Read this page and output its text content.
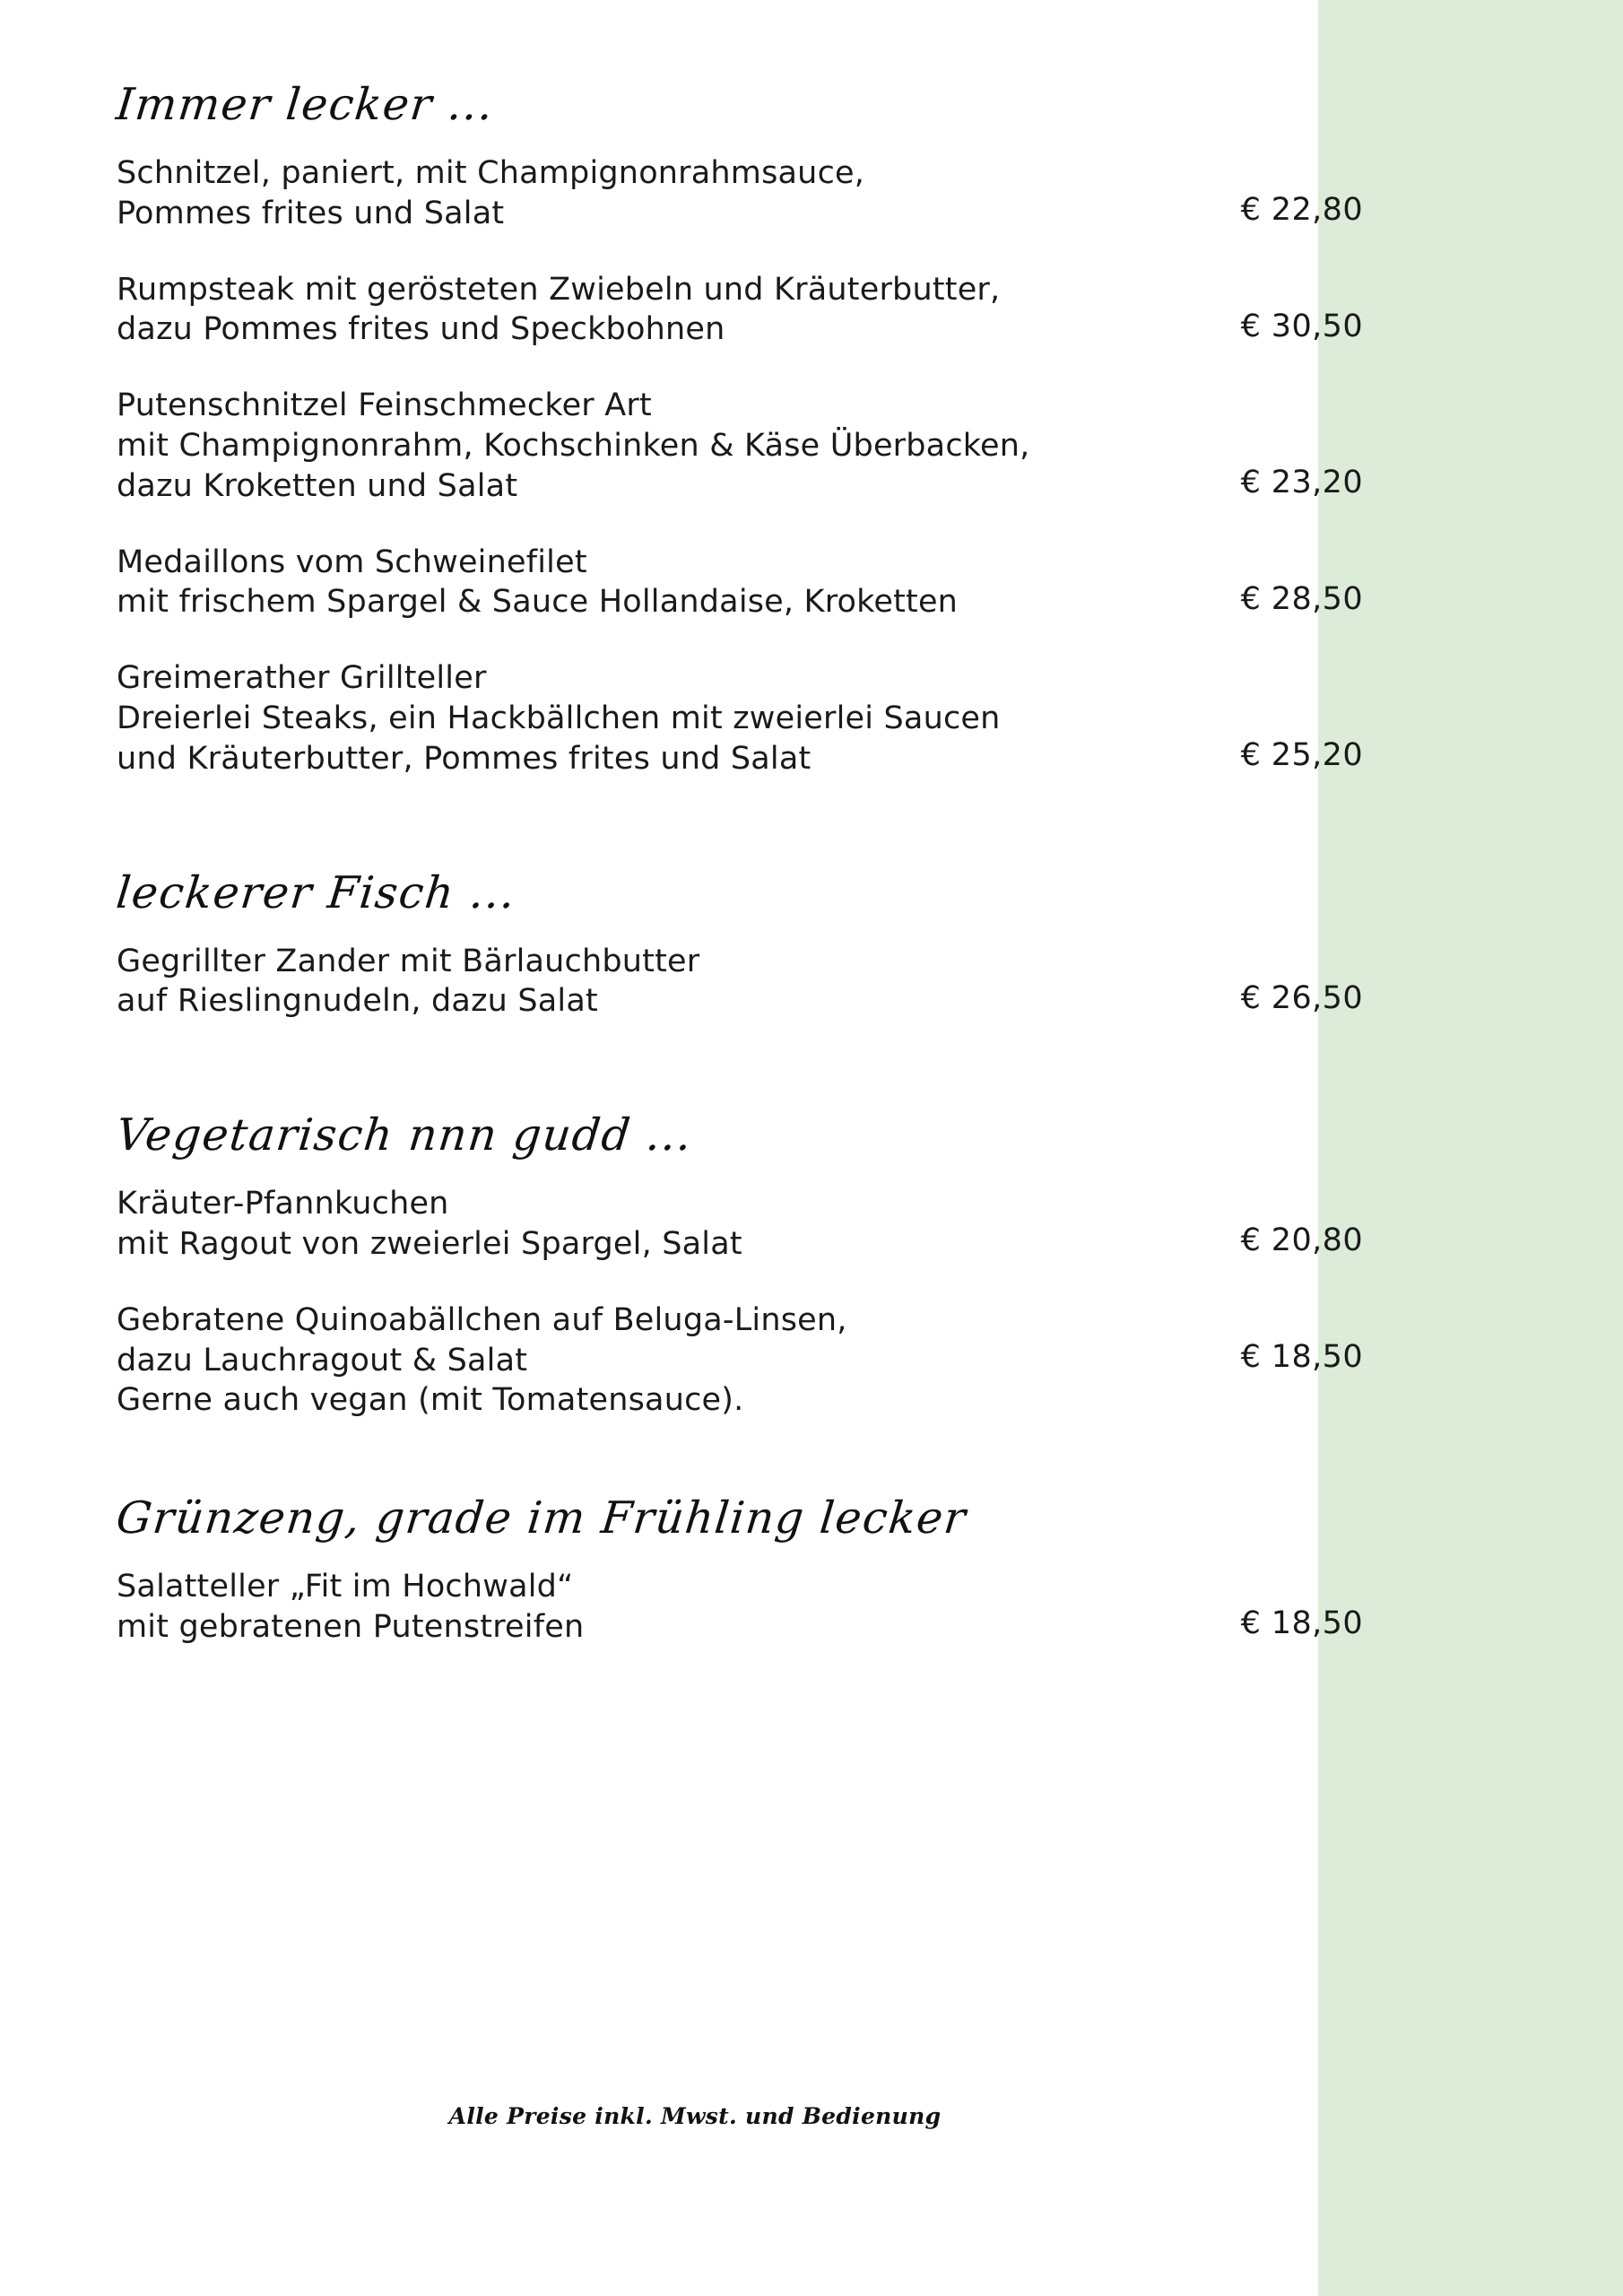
Immer lecker ...
Schnitzel, paniert, mit Champignonrahmsauce,
Pommes frites und Salat	€ 22,80
Rumpsteak mit gerösteten Zwiebeln und Kräuterbutter,
dazu Pommes frites und Speckbohnen	€ 30,50
Putenschnitzel Feinschmecker Art
mit Champignonrahm, Kochschinken & Käse Überbacken,
dazu Kroketten und Salat	€ 23,20
Medaillons vom Schweinefilet
mit frischem Spargel & Sauce Hollandaise, Kroketten	€ 28,50
Greimerather Grillteller
Dreierlei Steaks, ein Hackbällchen mit zweierlei Saucen
und Kräuterbutter, Pommes frites und Salat	€ 25,20
leckerer Fisch ...
Gegrillter Zander mit Bärlauchbutter
auf Rieslingnudeln, dazu Salat	€ 26,50
Vegetarisch nnn gudd ...
Kräuter-Pfannkuchen
mit Ragout von zweierlei Spargel, Salat	€ 20,80
Gebratene Quinoabällchen auf Beluga-Linsen,
dazu Lauchragout & Salat
Gerne auch vegan (mit Tomatensauce).
€ 18,50
Grünzeng, grade im Frühling lecker
Salatteller „Fit im Hochwald“
mit gebratenen Putenstreifen	€ 18,50
Alle Preise inkl. Mwst. und Bedienung
